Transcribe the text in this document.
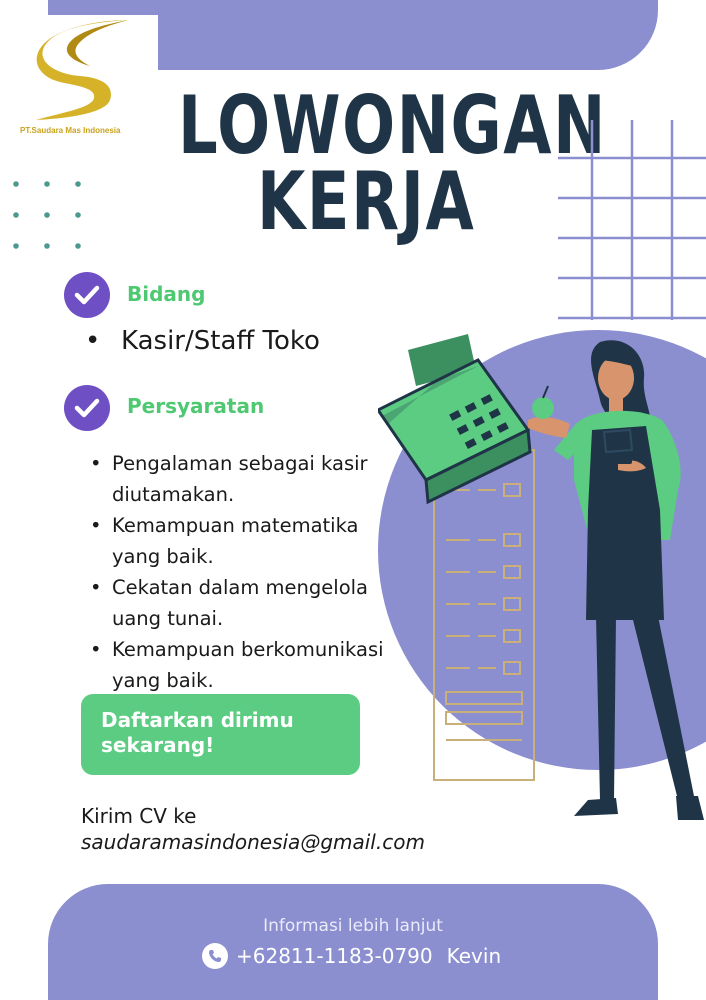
PT.Saudara Mas Indonesia LOWONGAN
KERJA
Bidang
• Kasir/Staff Toko
Persyaratan
• Pengalaman sebagai kasir diutamakan.
• Kemampuan matematika yang baik.
• Cekatan dalam mengelola uang tunai.
• Kemampuan berkomunikasi yang baik.
Daftarkan dirimu
sekarang!
Kirim CV ke
saudaramasindonesia@gmail.com
Informasi lebih lanjut
+62811-1183-0790 Kevin
